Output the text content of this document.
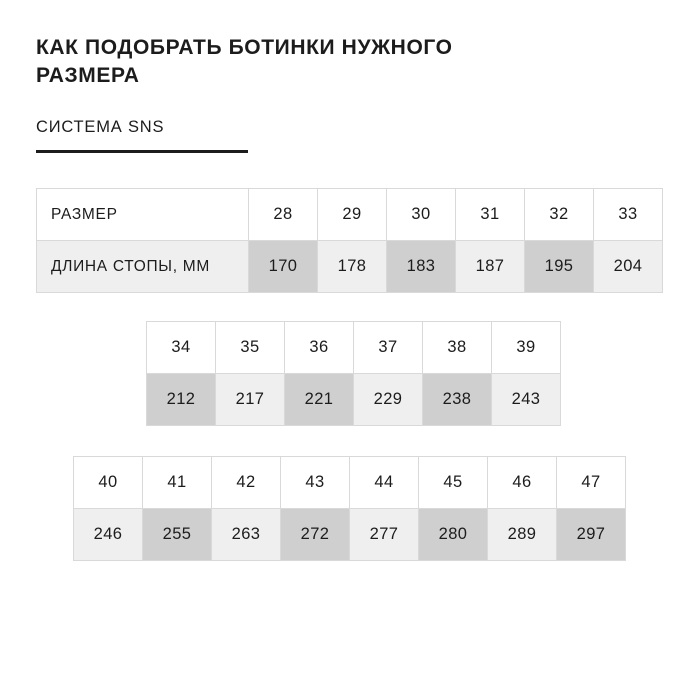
КАК ПОДОБРАТЬ БОТИНКИ НУЖНОГО РАЗМЕРА
СИСТЕМА SNS
РАЗМЕР	28	29	30	31	32	33
ДЛИНА СТОПЫ, ММ	170	178	183	187	195	204
34	35	36	37	38	39
212	217	221	229	238	243
40	41	42	43	44	45	46	47
246	255	263	272	277	280	289	297
